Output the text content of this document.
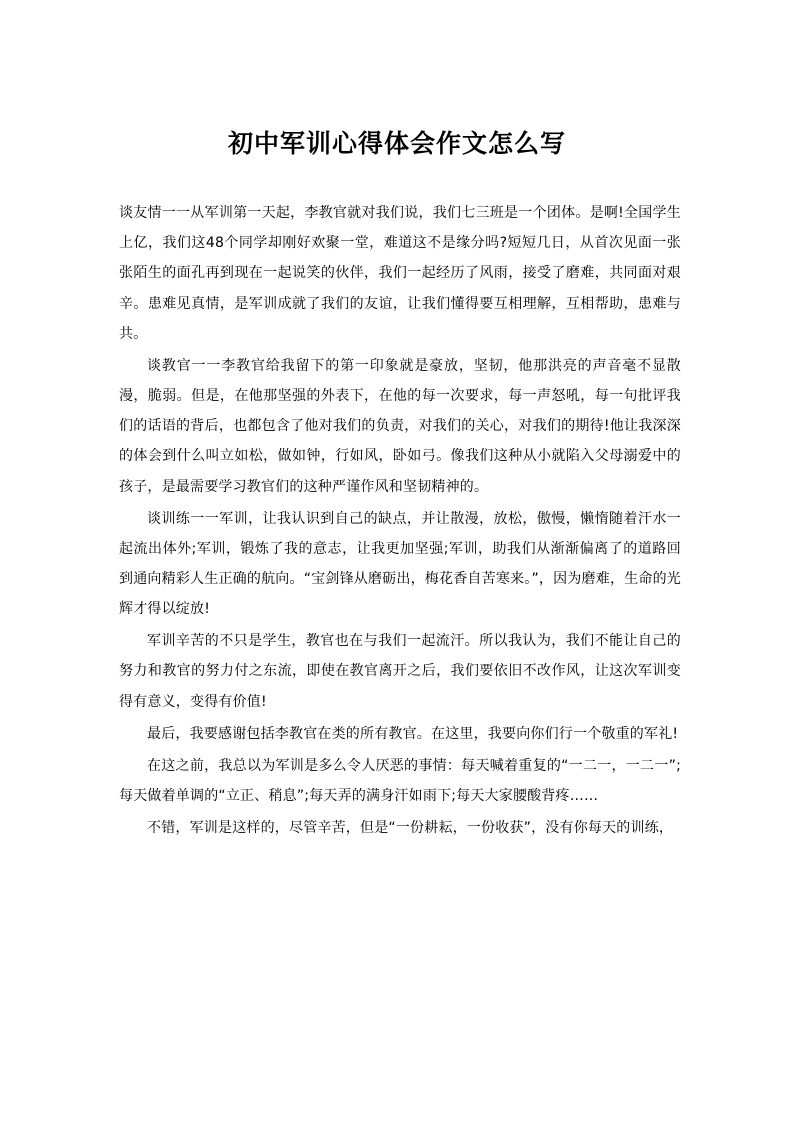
初中军训心得体会作文怎么写

谈友情一一从军训第一天起，李教官就对我们说，我们七三班是一个团体。是啊!全国学生上亿，我们这48个同学却刚好欢聚一堂，难道这不是缘分吗?短短几日，从首次见面一张张陌生的面孔再到现在一起说笑的伙伴，我们一起经历了风雨，接受了磨难，共同面对艰辛。患难见真情，是军训成就了我们的友谊，让我们懂得要互相理解，互相帮助，患难与共。

谈教官一一李教官给我留下的第一印象就是豪放，坚韧，他那洪亮的声音毫不显散漫，脆弱。但是，在他那坚强的外表下，在他的每一次要求，每一声怒吼，每一句批评我们的话语的背后，也都包含了他对我们的负责，对我们的关心，对我们的期待!他让我深深的体会到什么叫立如松，做如钟，行如风，卧如弓。像我们这种从小就陷入父母溺爱中的孩子，是最需要学习教官们的这种严谨作风和坚韧精神的。

谈训练一一军训，让我认识到自己的缺点，并让散漫，放松，傲慢，懒惰随着汗水一起流出体外;军训，锻炼了我的意志，让我更加坚强;军训，助我们从渐渐偏离了的道路回到通向精彩人生正确的航向。“宝剑锋从磨砺出，梅花香自苦寒来。”，因为磨难，生命的光辉才得以绽放!

军训辛苦的不只是学生，教官也在与我们一起流汗。所以我认为，我们不能让自己的努力和教官的努力付之东流，即使在教官离开之后，我们要依旧不改作风，让这次军训变得有意义，变得有价值!

最后，我要感谢包括李教官在类的所有教官。在这里，我要向你们行一个敬重的军礼!

在这之前，我总以为军训是多么令人厌恶的事情：每天喊着重复的“一二一，一二一”;每天做着单调的“立正、稍息”;每天弄的满身汗如雨下;每天大家腰酸背疼……

不错，军训是这样的，尽管辛苦，但是“一份耕耘，一份收获”，没有你每天的训练，
